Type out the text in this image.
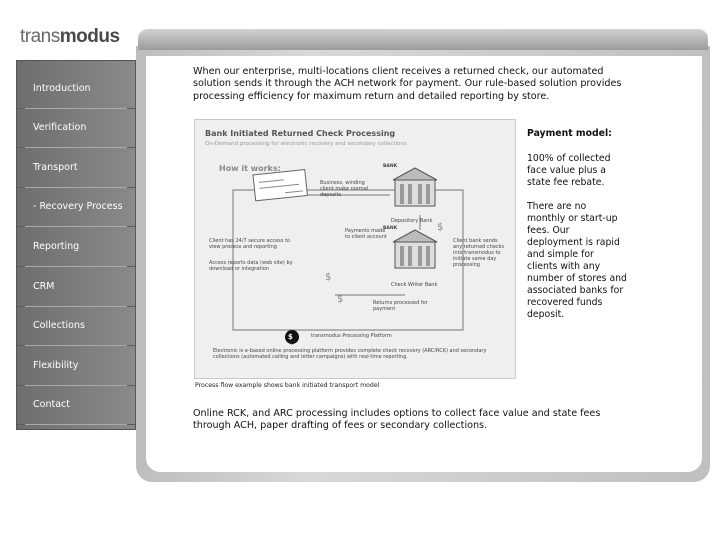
transmodus
Introduction
Verification
Transport
- Recovery Process
Reporting
CRM
Collections
Flexibility
Contact
When our enterprise, multi-locations client receives a returned check, our automated solution sends it through the ACH network for payment. Our rule-based solution provides processing efficiency for maximum return and detailed reporting by store.
Bank Initiated Returned Check Processing
On-Demand processing for electronic recovery and secondary collections
How it works:	BANK
BANK
$
$
$
$
Business, winding client make normal deposits
Depository Bank
Client has 24/7 secure access to view process and reporting
Access reports data (web site) by download or integration
Payments made to client account
Client bank sends any returned checks into transmodus to initiate same day processing
Check Writer Bank
Returns processed for payment
transmodus Processing Platform
Electronic is e-based online processing platform provides complete check recovery (ARC/RCK) and secondary collections (automated calling and letter campaigns) with real-time reporting.
Process flow example shows bank initiated transport model
Payment model:
100% of collected face value plus a state fee rebate.
There are no monthly or start-up fees. Our deployment is rapid and simple for clients with any number of stores and associated banks for recovered funds deposit.
Online RCK, and ARC processing includes options to collect face value and state fees through ACH, paper drafting of fees or secondary collections.
